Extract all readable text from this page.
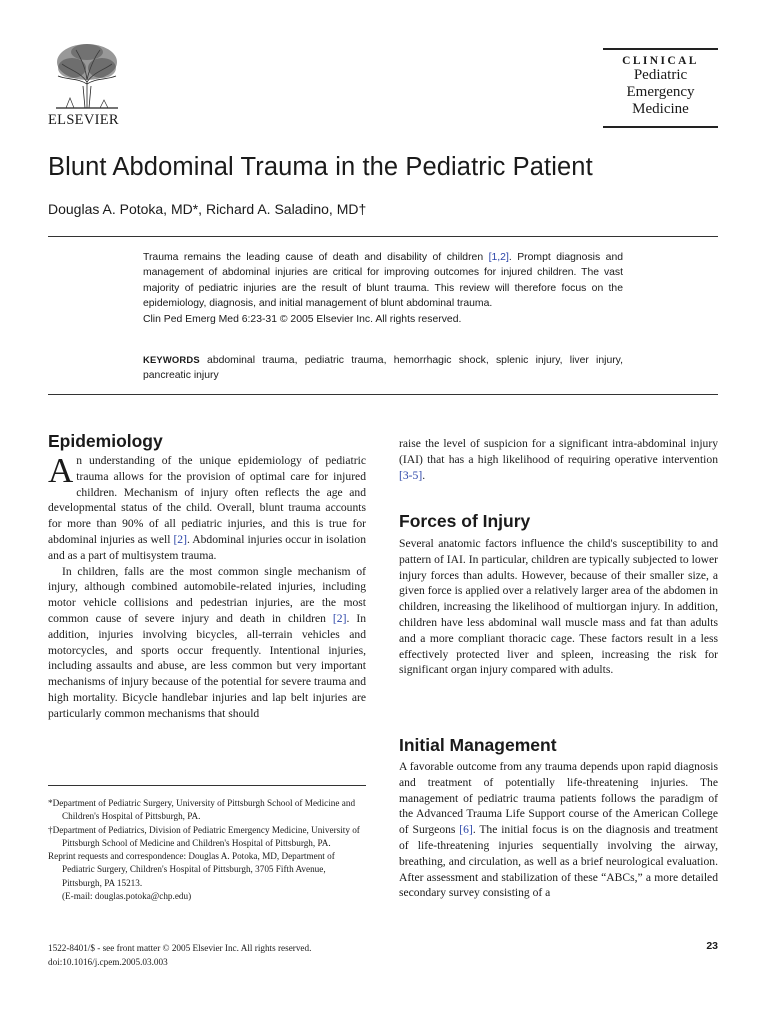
ELSEVIER
CLINICAL
Pediatric
Emergency
Medicine
Blunt Abdominal Trauma in the Pediatric Patient
Douglas A. Potoka, MD*, Richard A. Saladino, MD†

Trauma remains the leading cause of death and disability of children [1,2]. Prompt diagnosis and management of abdominal injuries are critical for improving outcomes for injured children. The vast majority of pediatric injuries are the result of blunt trauma. This review will therefore focus on the epidemiology, diagnosis, and initial management of blunt abdominal trauma.

Clin Ped Emerg Med 6:23-31 © 2005 Elsevier Inc. All rights reserved.

KEYWORDS abdominal trauma, pediatric trauma, hemorrhagic shock, splenic injury, liver injury, pancreatic injury
Epidemiology

An understanding of the unique epidemiology of pediatric trauma allows for the provision of optimal care for injured children. Mechanism of injury often reflects the age and developmental status of the child. Overall, blunt trauma accounts for more than 90% of all pediatric injuries, and this is true for abdominal injuries as well [2]. Abdominal injuries occur in isolation and as a part of multisystem trauma.

In children, falls are the most common single mechanism of injury, although combined automobile-related injuries, including motor vehicle collisions and pedestrian injuries, are the most common cause of severe injury and death in children [2]. In addition, injuries involving bicycles, all-terrain vehicles and motorcycles, and sports occur frequently. Intentional injuries, including assaults and abuse, are less common but very important mechanisms of injury because of the potential for severe trauma and high mortality. Bicycle handlebar injuries and lap belt injuries are particularly common mechanisms that should

raise the level of suspicion for a significant intra-abdominal injury (IAI) that has a high likelihood of requiring operative intervention [3-5].

Forces of Injury

Several anatomic factors influence the child's susceptibility to and pattern of IAI. In particular, children are typically subjected to lower injury forces than adults. However, because of their smaller size, a given force is applied over a relatively larger area of the abdomen in children, increasing the likelihood of multiorgan injury. In addition, children have less abdominal wall muscle mass and fat than adults and a more compliant thoracic cage. These factors result in a less effectively protected liver and spleen, increasing the risk for significant organ injury compared with adults.

Initial Management

A favorable outcome from any trauma depends upon rapid diagnosis and treatment of potentially life-threatening injuries. The management of pediatric trauma patients follows the paradigm of the Advanced Trauma Life Support course of the American College of Surgeons [6]. The initial focus is on the diagnosis and treatment of life-threatening injuries sequentially involving the airway, breathing, and circulation, as well as a brief neurological evaluation. After assessment and stabilization of these “ABCs,” a more detailed secondary survey consisting of a

*Department of Pediatric Surgery, University of Pittsburgh School of Medicine and Children's Hospital of Pittsburgh, PA.

†Department of Pediatrics, Division of Pediatric Emergency Medicine, University of Pittsburgh School of Medicine and Children's Hospital of Pittsburgh, PA.

Reprint requests and correspondence: Douglas A. Potoka, MD, Department of Pediatric Surgery, Children's Hospital of Pittsburgh, 3705 Fifth Avenue, Pittsburgh, PA 15213.

(E-mail: douglas.potoka@chp.edu)

1522-8401/$ - see front matter © 2005 Elsevier Inc. All rights reserved.
doi:10.1016/j.cpem.2005.03.003
23
